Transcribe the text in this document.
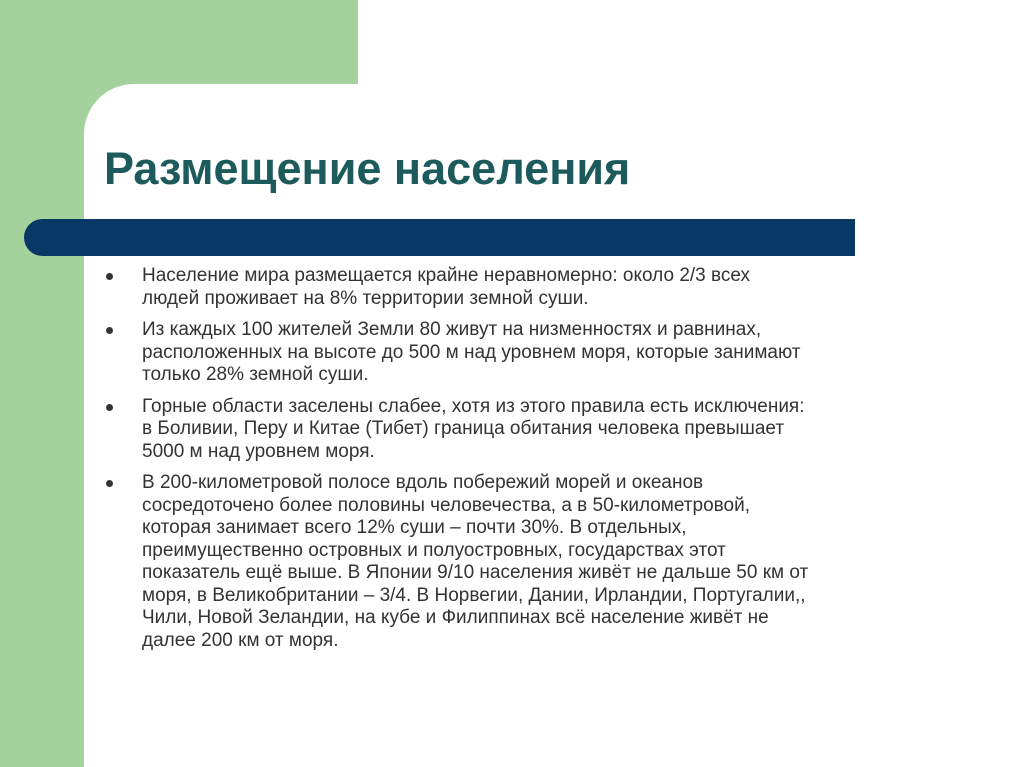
Размещение населения
Население мира размещается крайне неравномерно: около 2/3 всех
людей проживает на 8% территории земной суши.
Из каждых 100 жителей Земли 80 живут на низменностях и равнинах,
расположенных на высоте до 500 м над уровнем моря, которые занимают
только 28% земной суши.
Горные области заселены слабее, хотя из этого правила есть исключения:
в Боливии, Перу и Китае (Тибет) граница обитания человека превышает
5000 м над уровнем моря.
В 200-километровой полосе вдоль побережий морей и океанов
сосредоточено более половины человечества, а в 50-километровой,
которая занимает всего 12% суши – почти 30%. В отдельных,
преимущественно островных и полуостровных, государствах этот
показатель ещё выше. В Японии 9/10 населения живёт не дальше 50 км от
моря, в Великобритании – 3/4. В Норвегии, Дании, Ирландии, Португалии,,
Чили, Новой Зеландии, на кубе и Филиппинах всё население живёт не
далее 200 км от моря.
